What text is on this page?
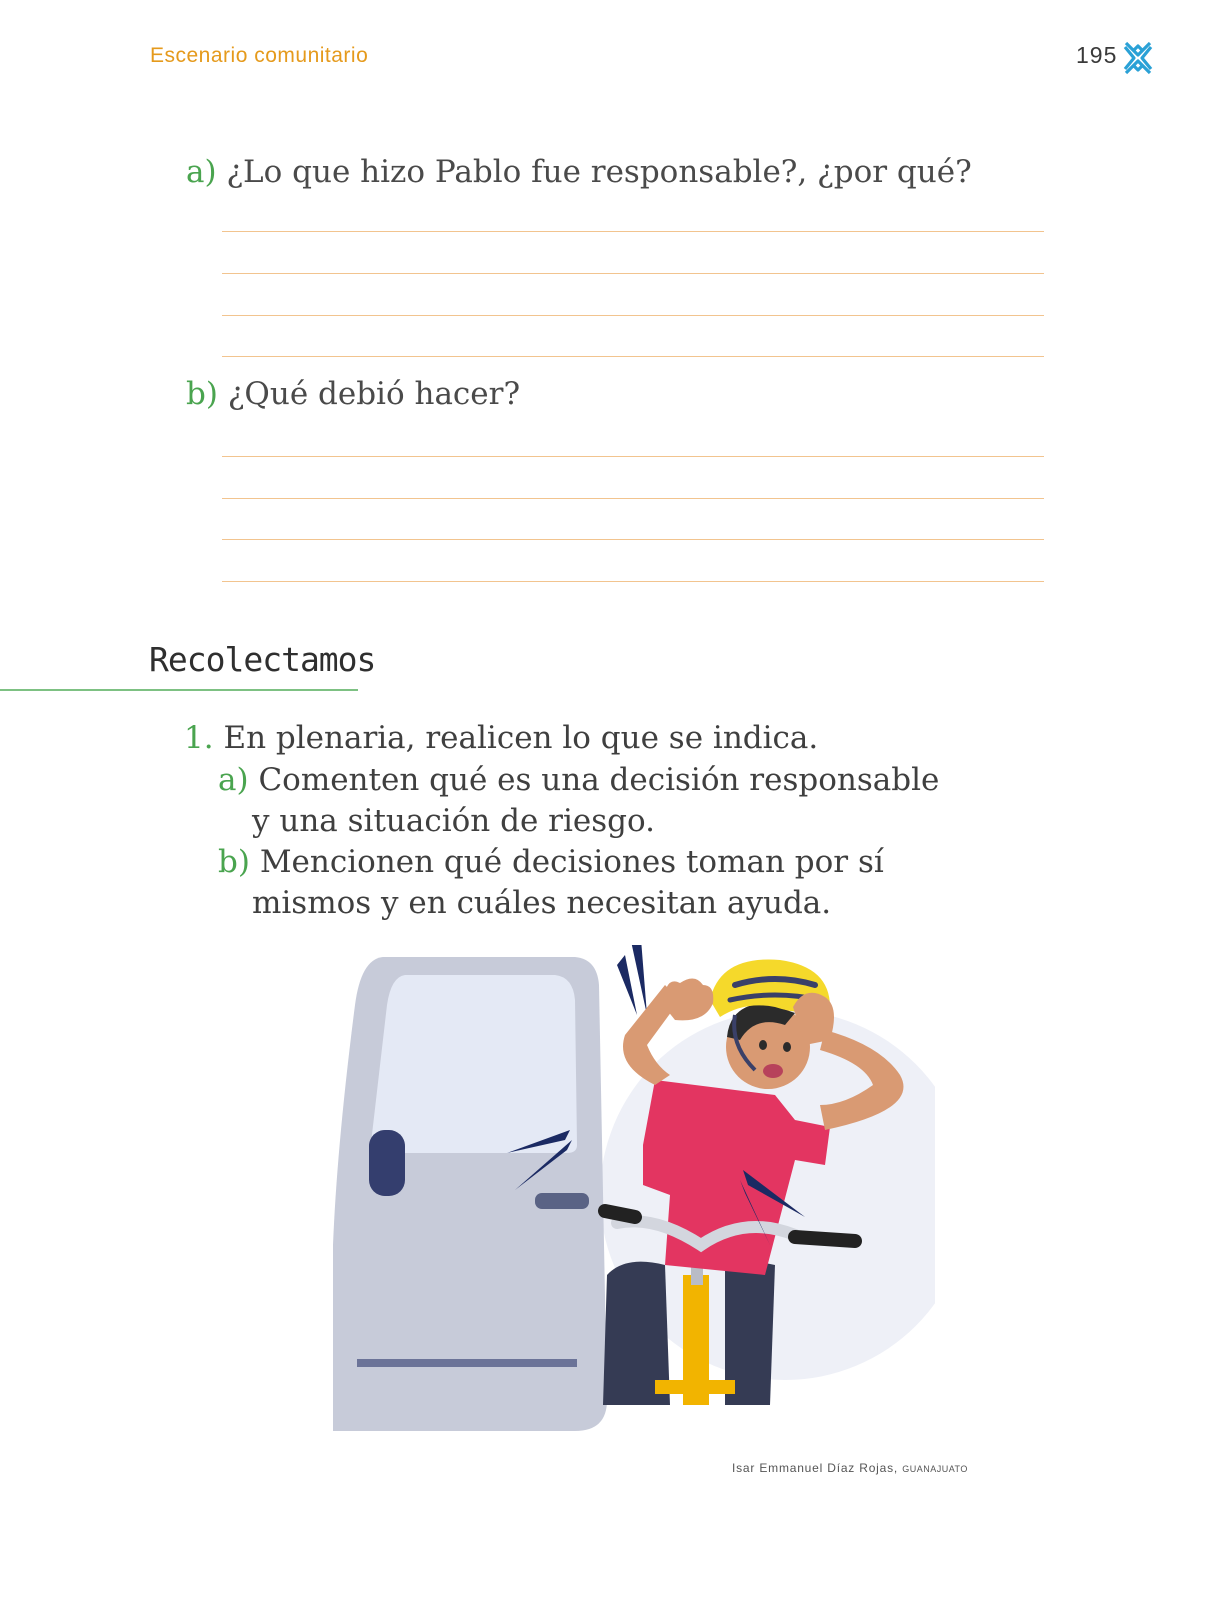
Escenario comunitario	195
a) ¿Lo que hizo Pablo fue responsable?, ¿por qué?
b) ¿Qué debió hacer?
Recolectamos
1. En plenaria, realicen lo que se indica.
a) Comenten qué es una decisión responsable
y una situación de riesgo.
b) Mencionen qué decisiones toman por sí
mismos y en cuáles necesitan ayuda.
Isar Emmanuel Díaz Rojas, GUANAJUATO
